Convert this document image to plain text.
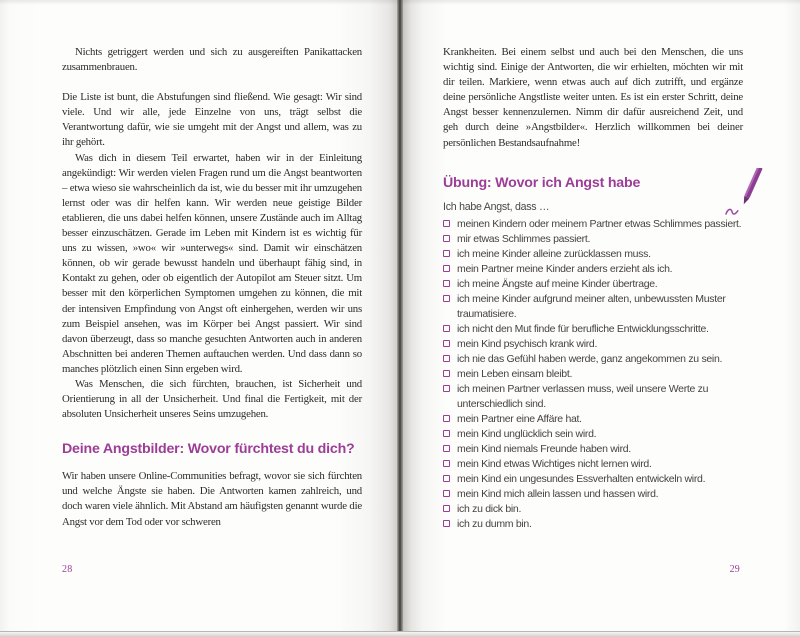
Nichts getriggert werden und sich zu ausgereiften Panikattacken zusammenbrauen.

Die Liste ist bunt, die Abstufungen sind fließend. Wie gesagt: Wir sind viele. Und wir alle, jede Einzelne von uns, trägt selbst die Verantwortung dafür, wie sie umgeht mit der Angst und allem, was zu ihr gehört.

Was dich in diesem Teil erwartet, haben wir in der Einleitung angekündigt: Wir werden vielen Fragen rund um die Angst beantworten – etwa wieso sie wahrscheinlich da ist, wie du besser mit ihr umzugehen lernst oder was dir helfen kann. Wir werden neue geistige Bilder etablieren, die uns dabei helfen können, unsere Zustände auch im Alltag besser einzuschätzen. Gerade im Leben mit Kindern ist es wichtig für uns zu wissen, »wo« wir »unterwegs« sind. Damit wir einschätzen können, ob wir gerade bewusst handeln und überhaupt fähig sind, in Kontakt zu gehen, oder ob eigentlich der Autopilot am Steuer sitzt. Um besser mit den körperlichen Symptomen umgehen zu können, die mit der intensiven Empfindung von Angst oft einhergehen, werden wir uns zum Beispiel ansehen, was im Körper bei Angst passiert. Wir sind davon überzeugt, dass so manche gesuchten Antworten auch in anderen Abschnitten bei anderen Themen auftauchen werden. Und dass dann so manches plötzlich einen Sinn ergeben wird.

Was Menschen, die sich fürchten, brauchen, ist Sicherheit und Orientierung in all der Unsicherheit. Und final die Fertigkeit, mit der absoluten Unsicherheit unseres Seins umzugehen.

Deine Angstbilder: Wovor fürchtest du dich?

Wir haben unsere Online-Communities befragt, wovor sie sich fürchten und welche Ängste sie haben. Die Antworten kamen zahlreich, und doch waren viele ähnlich. Mit Abstand am häufigsten genannt wurde die Angst vor dem Tod oder vor schweren

28

Krankheiten. Bei einem selbst und auch bei den Menschen, die uns wichtig sind. Einige der Antworten, die wir erhielten, möchten wir mit dir teilen. Markiere, wenn etwas auch auf dich zutrifft, und ergänze deine persönliche Angstliste weiter unten. Es ist ein erster Schritt, deine Angst besser kennenzulernen. Nimm dir dafür ausreichend Zeit, und geh durch deine »Angstbilder«. Herzlich willkommen bei deiner persönlichen Bestandsaufnahme!

Übung: Wovor ich Angst habe

Ich habe Angst, dass …

meinen Kindern oder meinem Partner etwas Schlimmes passiert.
mir etwas Schlimmes passiert.
ich meine Kinder alleine zurücklassen muss.
mein Partner meine Kinder anders erzieht als ich.
ich meine Ängste auf meine Kinder übertrage.
ich meine Kinder aufgrund meiner alten, unbewussten Muster traumatisiere.
ich nicht den Mut finde für berufliche Entwicklungsschritte.
mein Kind psychisch krank wird.
ich nie das Gefühl haben werde, ganz angekommen zu sein.
mein Leben einsam bleibt.
ich meinen Partner verlassen muss, weil unsere Werte zu unterschiedlich sind.
mein Partner eine Affäre hat.
mein Kind unglücklich sein wird.
mein Kind niemals Freunde haben wird.
mein Kind etwas Wichtiges nicht lernen wird.
mein Kind ein ungesundes Essverhalten entwickeln wird.
mein Kind mich allein lassen und hassen wird.
ich zu dick bin.
ich zu dumm bin.
29
